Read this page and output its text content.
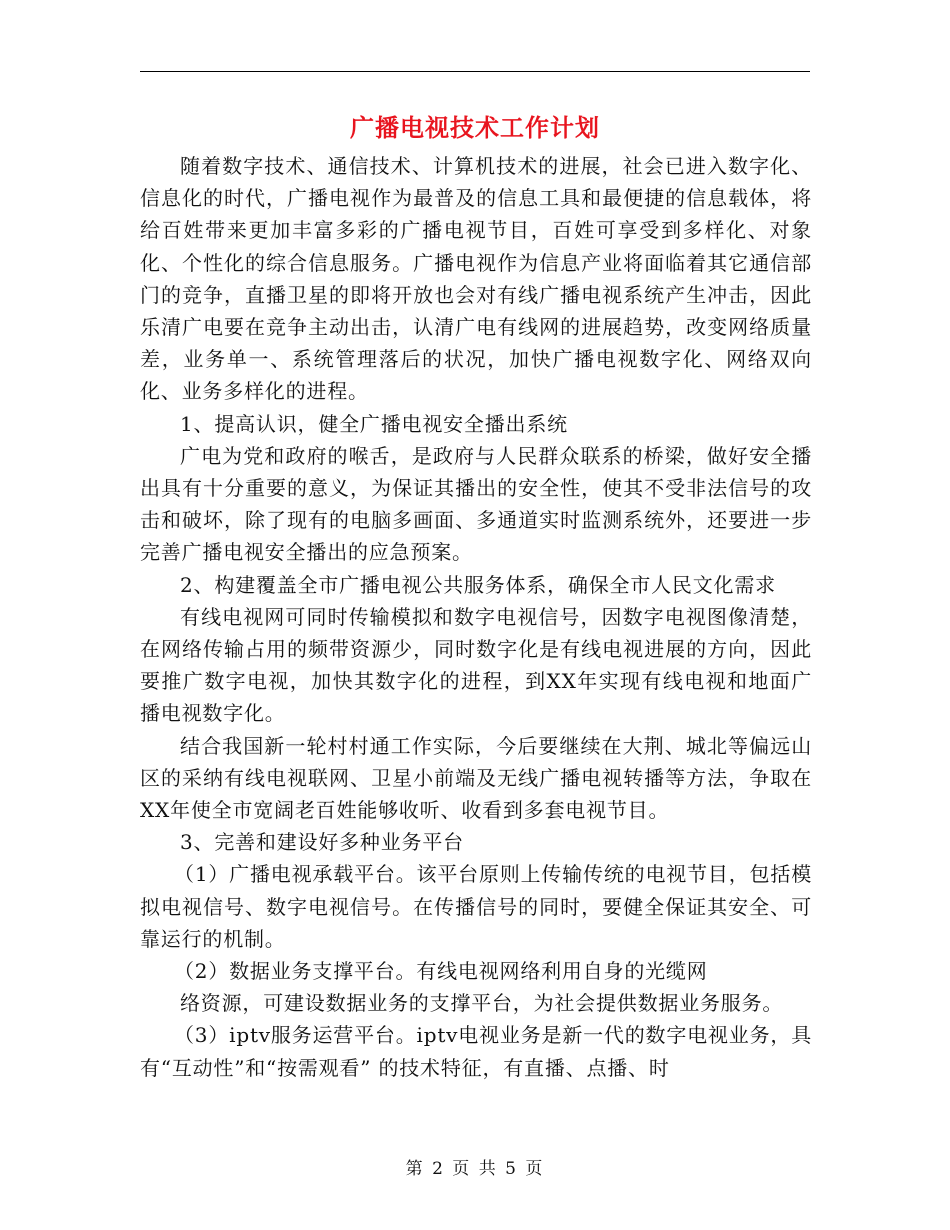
广播电视技术工作计划

随着数字技术、通信技术、计算机技术的进展，社会已进入数字化、信息化的时代，广播电视作为最普及的信息工具和最便捷的信息载体，将给百姓带来更加丰富多彩的广播电视节目，百姓可享受到多样化、对象化、个性化的综合信息服务。广播电视作为信息产业将面临着其它通信部门的竞争，直播卫星的即将开放也会对有线广播电视系统产生冲击，因此乐清广电要在竞争主动出击，认清广电有线网的进展趋势，改变网络质量差，业务单一、系统管理落后的状况，加快广播电视数字化、网络双向化、业务多样化的进程。

1、提高认识，健全广播电视安全播出系统

广电为党和政府的喉舌，是政府与人民群众联系的桥梁，做好安全播出具有十分重要的意义，为保证其播出的安全性，使其不受非法信号的攻击和破坏，除了现有的电脑多画面、多通道实时监测系统外，还要进一步完善广播电视安全播出的应急预案。

2、构建覆盖全市广播电视公共服务体系，确保全市人民文化需求

有线电视网可同时传输模拟和数字电视信号，因数字电视图像清楚，在网络传输占用的频带资源少，同时数字化是有线电视进展的方向，因此要推广数字电视，加快其数字化的进程，到XX年实现有线电视和地面广播电视数字化。

结合我国新一轮村村通工作实际，今后要继续在大荆、城北等偏远山区的采纳有线电视联网、卫星小前端及无线广播电视转播等方法，争取在XX年使全市宽阔老百姓能够收听、收看到多套电视节目。

3、完善和建设好多种业务平台

（1）广播电视承载平台。该平台原则上传输传统的电视节目，包括模拟电视信号、数字电视信号。在传播信号的同时，要健全保证其安全、可靠运行的机制。

（2）数据业务支撑平台。有线电视网络利用自身的光缆网

络资源，可建设数据业务的支撑平台，为社会提供数据业务服务。

（3）iptv服务运营平台。iptv电视业务是新一代的数字电视业务，具有“互动性”和“按需观看” 的技术特征，有直播、点播、时

第 2 页 共 5 页
